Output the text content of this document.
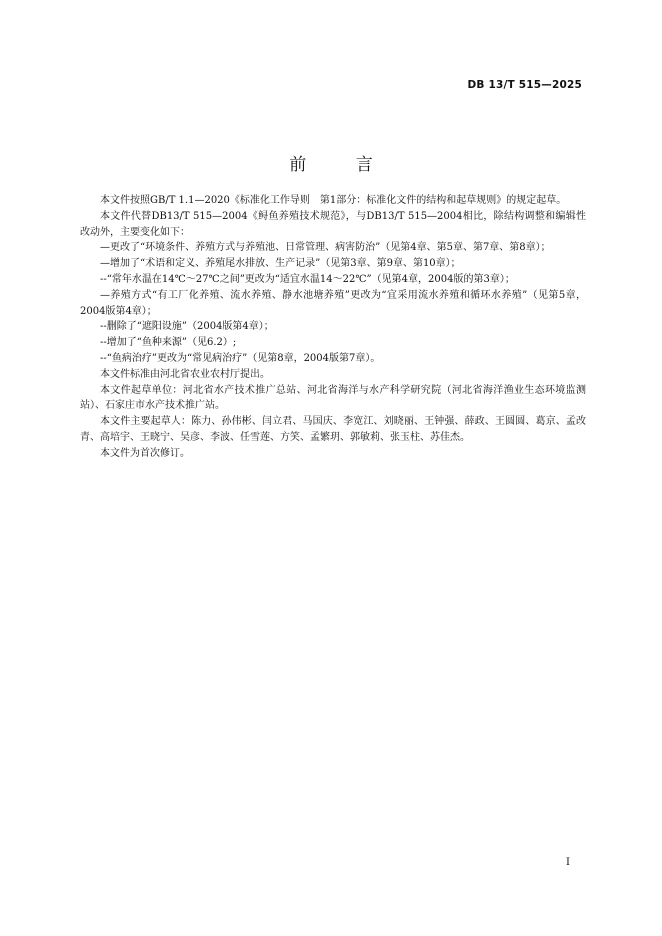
DB 13/T 515—2025
前 言

本文件按照GB/T 1.1—2020《标准化工作导则　第1部分：标准化文件的结构和起草规则》的规定起草。

本文件代替DB13/T 515—2004《鲟鱼养殖技术规范》，与DB13/T 515—2004相比，除结构调整和编辑性改动外，主要变化如下：

—更改了“环境条件、养殖方式与养殖池、日常管理、病害防治”（见第4章、第5章、第7章、第8章）；

—增加了“术语和定义、养殖尾水排放、生产记录”（见第3章、第9章、第10章）；

--“常年水温在14℃～27℃之间”更改为“适宜水温14～22℃”（见第4章，2004版的第3章）；

—养殖方式“有工厂化养殖、流水养殖、静水池塘养殖”更改为“宜采用流水养殖和循环水养殖”（见第5章，2004版第4章）；

--删除了“遮阳设施”（2004版第4章）；

--增加了“鱼种来源”（见6.2）;

--“鱼病治疗”更改为“常见病治疗”（见第8章，2004版第7章）。

本文件标准由河北省农业农村厅提出。

本文件起草单位：河北省水产技术推广总站、河北省海洋与水产科学研究院（河北省海洋渔业生态环境监测站）、石家庄市水产技术推广站。

本文件主要起草人：陈力、孙伟彬、闫立君、马国庆、李宽江、刘晓丽、王钟强、薛政、王圆圆、葛京、孟改青、高培宇、王晓宁、吴彦、李波、任雪莲、方笑、孟繁玥、郭敏莉、张玉柱、苏佳杰。

本文件为首次修订。

I
